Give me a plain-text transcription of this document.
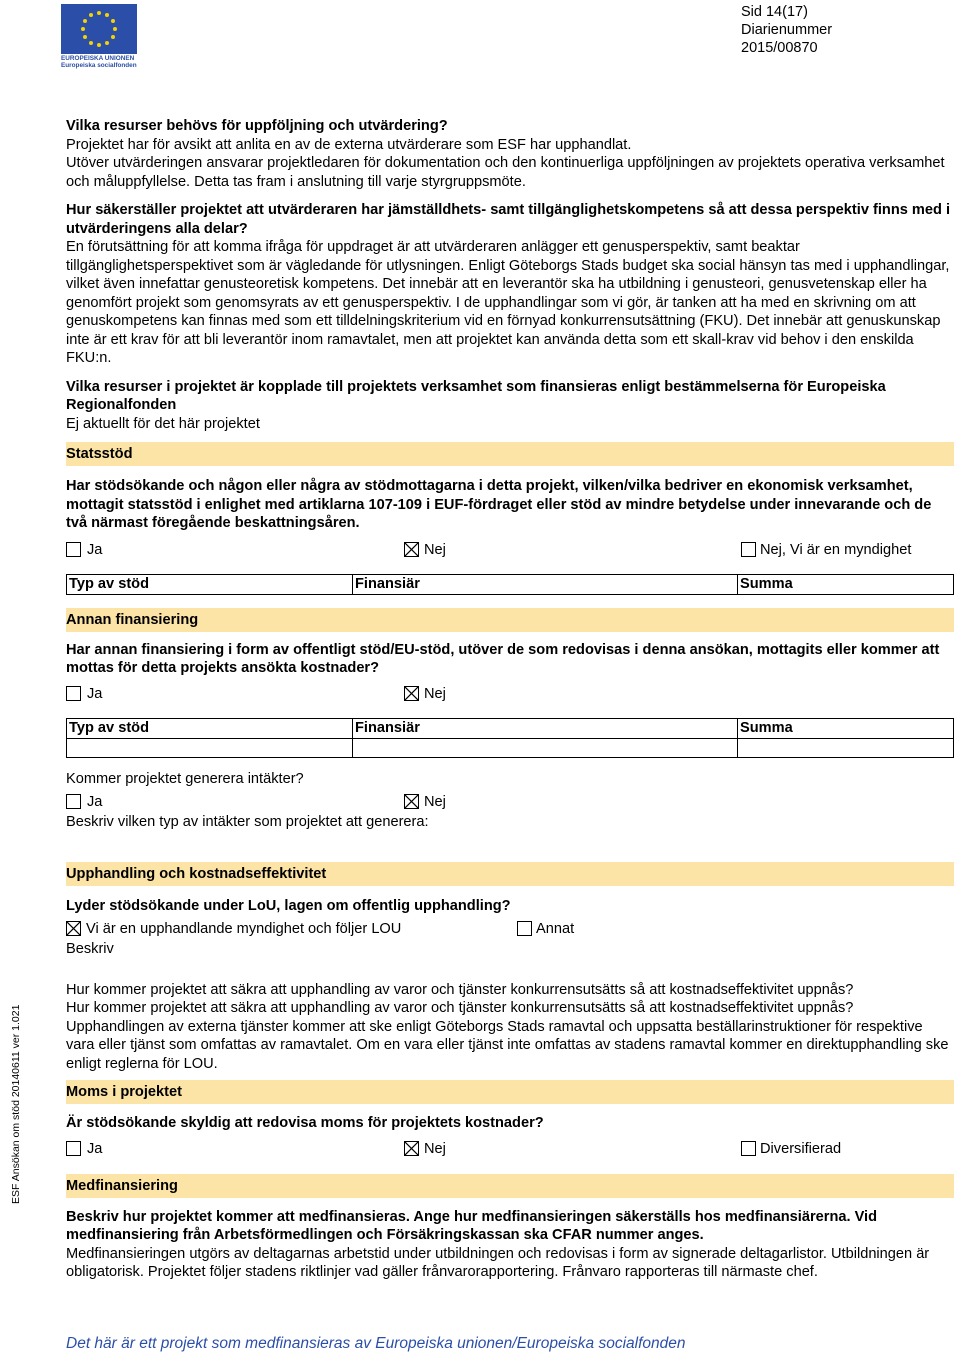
EUROPEISKA UNIONEN
Europeiska socialfonden
Sid 14(17)
Diarienummer
2015/00870

Vilka resurser behövs för uppföljning och utvärdering?

Projektet har för avsikt att anlita en av de externa utvärderare som ESF har upphandlat.

Utöver utvärderingen ansvarar projektledaren för dokumentation och den kontinuerliga uppföljningen av projektets operativa verksamhet och måluppfyllelse. Detta tas fram i anslutning till varje styrgruppsmöte.

Hur säkerställer projektet att utvärderaren har jämställdhets- samt tillgänglighetskompetens så att dessa perspektiv finns med i utvärderingens alla delar?

En förutsättning för att komma ifråga för uppdraget är att utvärderaren anlägger ett genusperspektiv, samt beaktar tillgänglighetsperspektivet som är vägledande för utlysningen. Enligt Göteborgs Stads budget ska social hänsyn tas med i upphandlingar, vilket även innefattar genusteoretisk kompetens. Det innebär att en leverantör ska ha utbildning i genusteori, genusvetenskap eller ha genomfört projekt som genomsyrats av ett genusperspektiv. I de upphandlingar som vi gör, är tanken att ha med en skrivning om att genuskompetens kan finnas med som ett tilldelningskriterium vid en förnyad konkurrensutsättning (FKU). Det innebär att genuskunskap inte är ett krav för att bli leverantör inom ramavtalet, men att projektet kan använda detta som ett skall-krav vid behov i den enskilda FKU:n.

Vilka resurser i projektet är kopplade till projektets verksamhet som finansieras enligt bestämmelserna för Europeiska Regionalfonden

Ej aktuellt för det här projektet

Statsstöd

Har stödsökande och någon eller några av stödmottagarna i detta projekt, vilken/vilka bedriver en ekonomisk verksamhet, mottagit statsstöd i enlighet med artiklarna 107-109 i EUF-fördraget eller stöd av mindre betydelse under innevarande och de två närmast föregående beskattningsåren.

Ja	Nej	Nej, Vi är en myndighet
Typ av stöd	Finansiär	Summa
Annan finansiering

Har annan finansiering i form av offentligt stöd/EU-stöd, utöver de som redovisas i denna ansökan, mottagits eller kommer att mottas för detta projekts ansökta kostnader?

Ja	Nej
Typ av stöd	Finansiär	Summa

Kommer projektet generera intäkter?

Ja	Nej

Beskriv vilken typ av intäkter som projektet att generera:

Upphandling och kostnadseffektivitet

Lyder stödsökande under LoU, lagen om offentlig upphandling?

Vi är en upphandlande myndighet och följer LOU	Annat

Beskriv

Hur kommer projektet att säkra att upphandling av varor och tjänster konkurrensutsätts så att kostnadseffektivitet uppnås?

Hur kommer projektet att säkra att upphandling av varor och tjänster konkurrensutsätts så att kostnadseffektivitet uppnås?

Upphandlingen av externa tjänster kommer att ske enligt Göteborgs Stads ramavtal och uppsatta beställarinstruktioner för respektive vara eller tjänst som omfattas av ramavtalet. Om en vara eller tjänst inte omfattas av stadens ramavtal kommer en direktupphandling ske enligt reglerna för LOU.

Moms i projektet

Är stödsökande skyldig att redovisa moms för projektets kostnader?

Ja	Nej	Diversifierad
Medfinansiering

Beskriv hur projektet kommer att medfinansieras. Ange hur medfinansieringen säkerställs hos medfinansiärerna. Vid medfinansiering från Arbetsförmedlingen och Försäkringskassan ska CFAR nummer anges.

Medfinansieringen utgörs av deltagarnas arbetstid under utbildningen och redovisas i form av signerade deltagarlistor. Utbildningen är obligatorisk. Projektet följer stadens riktlinjer vad gäller frånvarorapportering. Frånvaro rapporteras till närmaste chef.

ESF Ansökan om stöd 20140611 ver 1.021
Det här är ett projekt som medfinansieras av Europeiska unionen/Europeiska socialfonden
